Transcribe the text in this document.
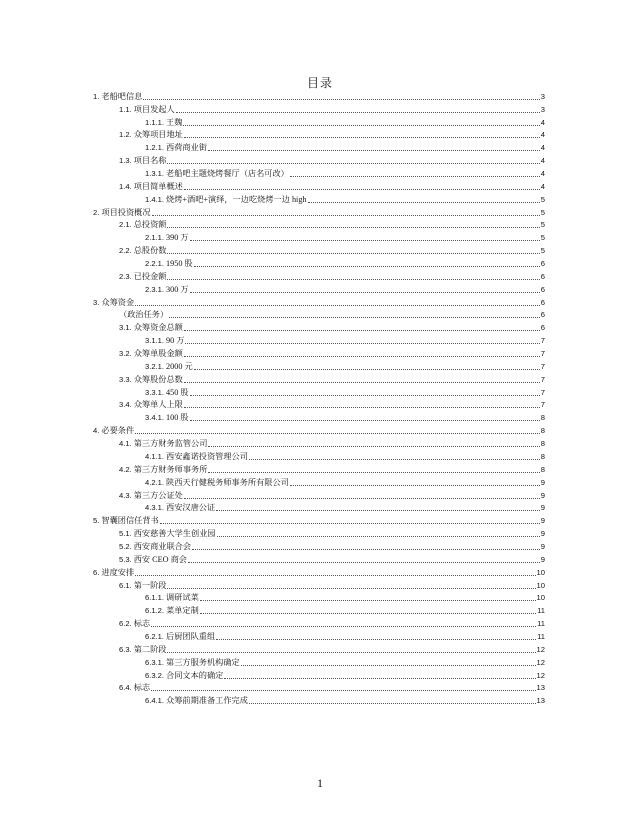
目录
1. 老船吧信息	3
1.1. 项目发起人	3
1.1.1. 王魏	4
1.2. 众筹项目地址	4
1.2.1. 西荷商业街	4
1.3. 项目名称	4
1.3.1. 老船吧主题烧烤餐厅（店名可改）	4
1.4. 项目简单概述	4
1.4.1. 烧烤+酒吧+演绎，一边吃烧烤一边 high	5
2. 项目投资概况	5
2.1. 总投资额	5
2.1.1. 390 万	5
2.2. 总股份数	5
2.2.1. 1950 股	6
2.3. 已投金额	6
2.3.1. 300 万	6
3. 众筹资金	6
（政治任务）	6
3.1. 众筹资金总额	6
3.1.1. 90 万	7
3.2. 众筹单股金额	7
3.2.1. 2000 元	7
3.3. 众筹股份总数	7
3.3.1. 450 股	7
3.4. 众筹单人上限	7
3.4.1. 100 股	8
4. 必要条件	8
4.1. 第三方财务监管公司	8
4.1.1. 西安鑫诺投资管理公司	8
4.2. 第三方财务师事务所	8
4.2.1. 陕西天行健税务师事务所有限公司	9
4.3. 第三方公证处	9
4.3.1. 西安汉唐公证	9
5. 智囊团信任背书	9
5.1. 西安慈善大学生创业园	9
5.2. 西安商业联合会	9
5.3. 西安 CEO 商会	9
6. 进度安排	10
6.1. 第一阶段	10
6.1.1. 调研试菜	10
6.1.2. 菜单定制	11
6.2. 标志	11
6.2.1. 后厨团队重组	11
6.3. 第二阶段	12
6.3.1. 第三方服务机构确定	12
6.3.2. 合同文本的确定	12
6.4. 标志	13
6.4.1. 众筹前期准备工作完成	13
1
